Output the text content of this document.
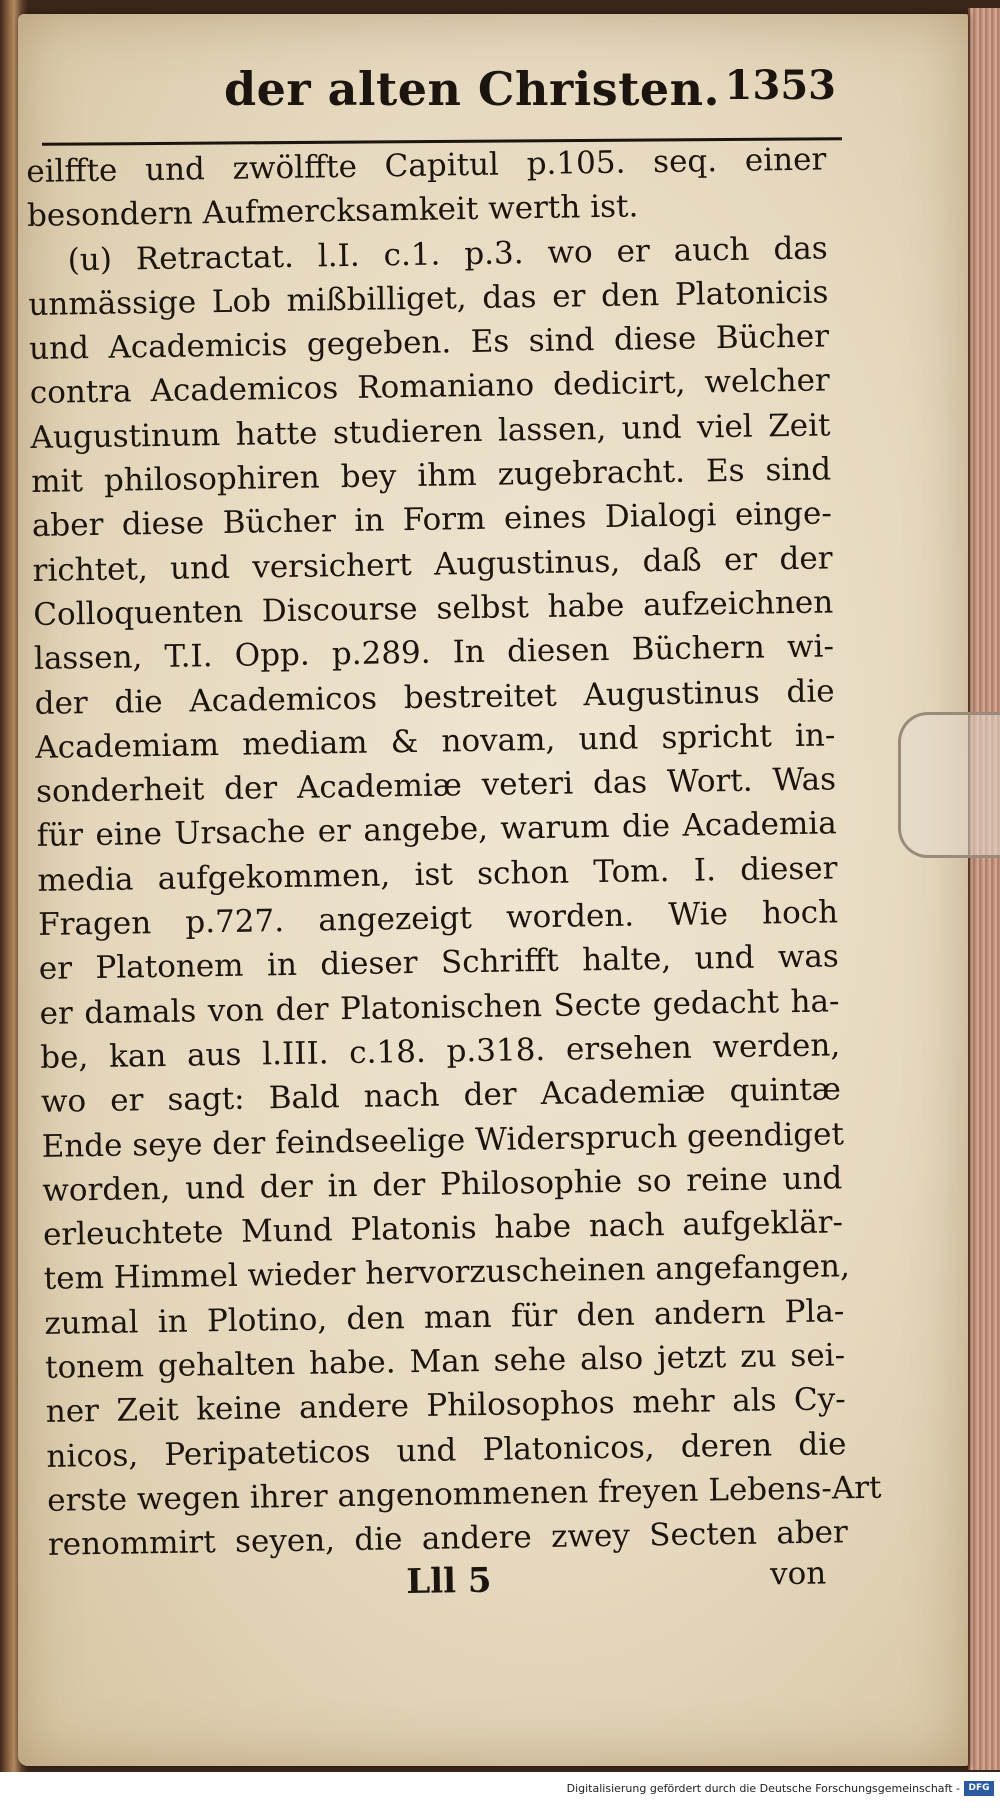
der alten Christen. 1353
eilffte und zwölffte Capitul p.105. seq. einer
besondern Aufmercksamkeit werth ist.
(u) Retractat. l.I. c.1. p.3. wo er auch das
unmässige Lob mißbilliget, das er den Platonicis
und Academicis gegeben. Es sind diese Bücher
contra Academicos Romaniano dedicirt, welcher
Augustinum hatte studieren lassen, und viel Zeit
mit philosophiren bey ihm zugebracht. Es sind
aber diese Bücher in Form eines Dialogi einge-
richtet, und versichert Augustinus, daß er der
Colloquenten Discourse selbst habe aufzeichnen
lassen, T.I. Opp. p.289. In diesen Büchern wi-
der die Academicos bestreitet Augustinus die
Academiam mediam & novam, und spricht in-
sonderheit der Academiæ veteri das Wort. Was
für eine Ursache er angebe, warum die Academia
media aufgekommen, ist schon Tom. I. dieser
Fragen p.727. angezeigt worden. Wie hoch
er Platonem in dieser Schrifft halte, und was
er damals von der Platonischen Secte gedacht ha-
be, kan aus l.III. c.18. p.318. ersehen werden,
wo er sagt: Bald nach der Academiæ quintæ
Ende seye der feindseelige Widerspruch geendiget
worden, und der in der Philosophie so reine und
erleuchtete Mund Platonis habe nach aufgeklär-
tem Himmel wieder hervorzuscheinen angefangen,
zumal in Plotino, den man für den andern Pla-
tonem gehalten habe. Man sehe also jetzt zu sei-
ner Zeit keine andere Philosophos mehr als Cy-
nicos, Peripateticos und Platonicos, deren die
erste wegen ihrer angenommenen freyen Lebens-Art
renommirt seyen, die andere zwey Secten aber
Lll 5	von
Digitalisierung gefördert durch die Deutsche Forschungsgemeinschaft - DFG
